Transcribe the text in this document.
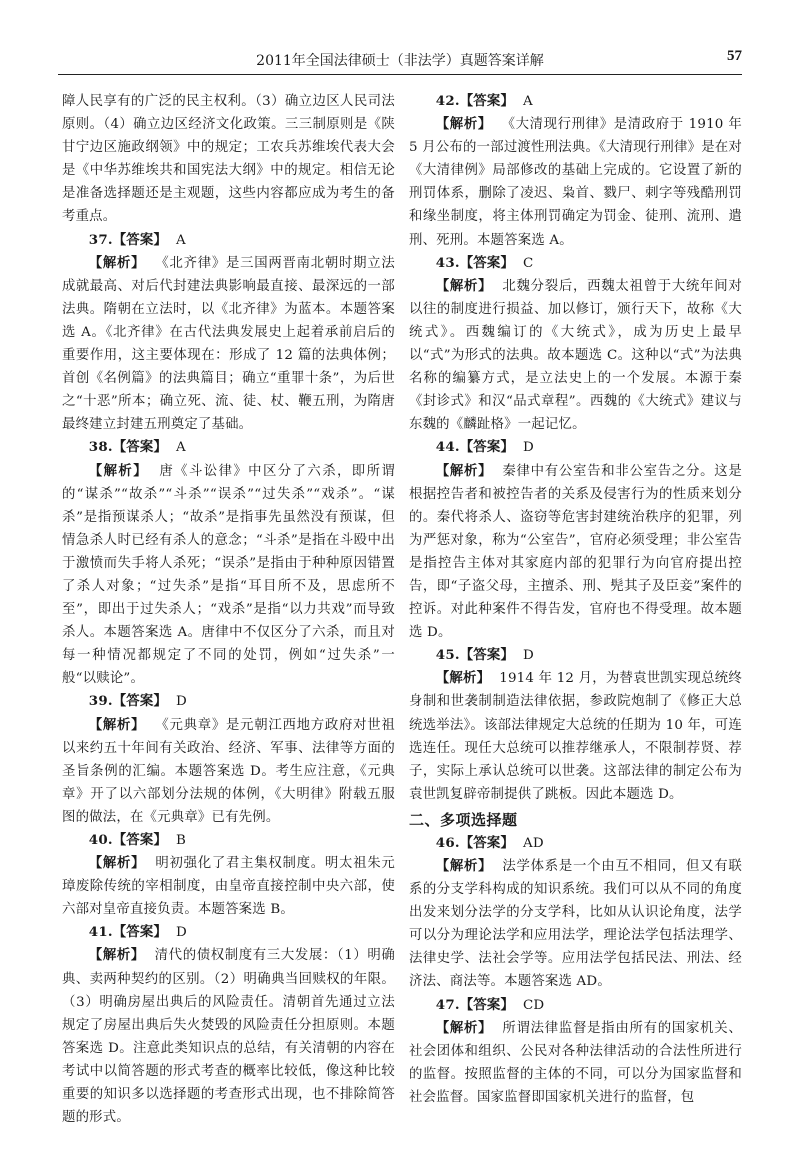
2011年全国法律硕士（非法学）真题答案详解	57

障人民享有的广泛的民主权利。（3）确立边区人民司法原则。（4）确立边区经济文化政策。三三制原则是《陕甘宁边区施政纲领》中的规定；工农兵苏维埃代表大会是《中华苏维埃共和国宪法大纲》中的规定。相信无论是准备选择题还是主观题，这些内容都应成为考生的备考重点。

37.【答案】 A

【解析】 《北齐律》是三国两晋南北朝时期立法成就最高、对后代封建法典影响最直接、最深远的一部法典。隋朝在立法时，以《北齐律》为蓝本。本题答案选 A。《北齐律》在古代法典发展史上起着承前启后的重要作用，这主要体现在：形成了 12 篇的法典体例；首创《名例篇》的法典篇目；确立“重罪十条”，为后世之“十恶”所本；确立死、流、徒、杖、鞭五刑，为隋唐最终建立封建五刑奠定了基础。

38.【答案】 A

【解析】 唐《斗讼律》中区分了六杀，即所谓的“谋杀”“故杀”“斗杀”“误杀”“过失杀”“戏杀”。“谋杀”是指预谋杀人；“故杀”是指事先虽然没有预谋，但情急杀人时已经有杀人的意念；“斗杀”是指在斗殴中出于激愤而失手将人杀死；“误杀”是指由于种种原因错置了杀人对象；“过失杀”是指“耳目所不及，思虑所不至”，即出于过失杀人；“戏杀”是指“以力共戏”而导致杀人。本题答案选 A。唐律中不仅区分了六杀，而且对每一种情况都规定了不同的处罚，例如“过失杀”一般“以赎论”。

39.【答案】 D

【解析】 《元典章》是元朝江西地方政府对世祖以来约五十年间有关政治、经济、军事、法律等方面的圣旨条例的汇编。本题答案选 D。考生应注意，《元典章》开了以六部划分法规的体例，《大明律》附载五服图的做法，在《元典章》已有先例。

40.【答案】 B

【解析】 明初强化了君主集权制度。明太祖朱元璋废除传统的宰相制度，由皇帝直接控制中央六部，使六部对皇帝直接负责。本题答案选 B。

41.【答案】 D

【解析】 清代的债权制度有三大发展：（1）明确典、卖两种契约的区别。（2）明确典当回赎权的年限。（3）明确房屋出典后的风险责任。清朝首先通过立法规定了房屋出典后失火焚毁的风险责任分担原则。本题答案选 D。注意此类知识点的总结，有关清朝的内容在考试中以简答题的形式考查的概率比较低，像这种比较重要的知识多以选择题的考查形式出现，也不排除简答题的形式。

42.【答案】 A

【解析】 《大清现行刑律》是清政府于 1910 年 5 月公布的一部过渡性刑法典。《大清现行刑律》是在对《大清律例》局部修改的基础上完成的。它设置了新的刑罚体系，删除了凌迟、枭首、戮尸、刺字等残酷刑罚和缘坐制度，将主体刑罚确定为罚金、徒刑、流刑、遣刑、死刑。本题答案选 A。

43.【答案】 C

【解析】 北魏分裂后，西魏太祖曾于大统年间对以往的制度进行损益、加以修订，颁行天下，故称《大统式》。西魏编订的《大统式》，成为历史上最早以“式”为形式的法典。故本题选 C。这种以“式”为法典名称的编纂方式，是立法史上的一个发展。本源于秦《封诊式》和汉“品式章程”。西魏的《大统式》建议与东魏的《麟趾格》一起记忆。

44.【答案】 D

【解析】 秦律中有公室告和非公室告之分。这是根据控告者和被控告者的关系及侵害行为的性质来划分的。秦代将杀人、盗窃等危害封建统治秩序的犯罪，列为严惩对象，称为“公室告”，官府必须受理；非公室告是指控告主体对其家庭内部的犯罪行为向官府提出控告，即“子盗父母，主擅杀、刑、髡其子及臣妾”案件的控诉。对此种案件不得告发，官府也不得受理。故本题选 D。

45.【答案】 D

【解析】 1914 年 12 月，为替袁世凯实现总统终身制和世袭制制造法律依据，参政院炮制了《修正大总统选举法》。该部法律规定大总统的任期为 10 年，可连选连任。现任大总统可以推荐继承人，不限制荐贤、荐子，实际上承认总统可以世袭。这部法律的制定公布为袁世凯复辟帝制提供了跳板。因此本题选 D。

二、多项选择题

46.【答案】 AD

【解析】 法学体系是一个由互不相同，但又有联系的分支学科构成的知识系统。我们可以从不同的角度出发来划分法学的分支学科，比如从认识论角度，法学可以分为理论法学和应用法学，理论法学包括法理学、法律史学、法社会学等。应用法学包括民法、刑法、经济法、商法等。本题答案选 AD。

47.【答案】 CD

【解析】 所谓法律监督是指由所有的国家机关、社会团体和组织、公民对各种法律活动的合法性所进行的监督。按照监督的主体的不同，可以分为国家监督和社会监督。国家监督即国家机关进行的监督，包
